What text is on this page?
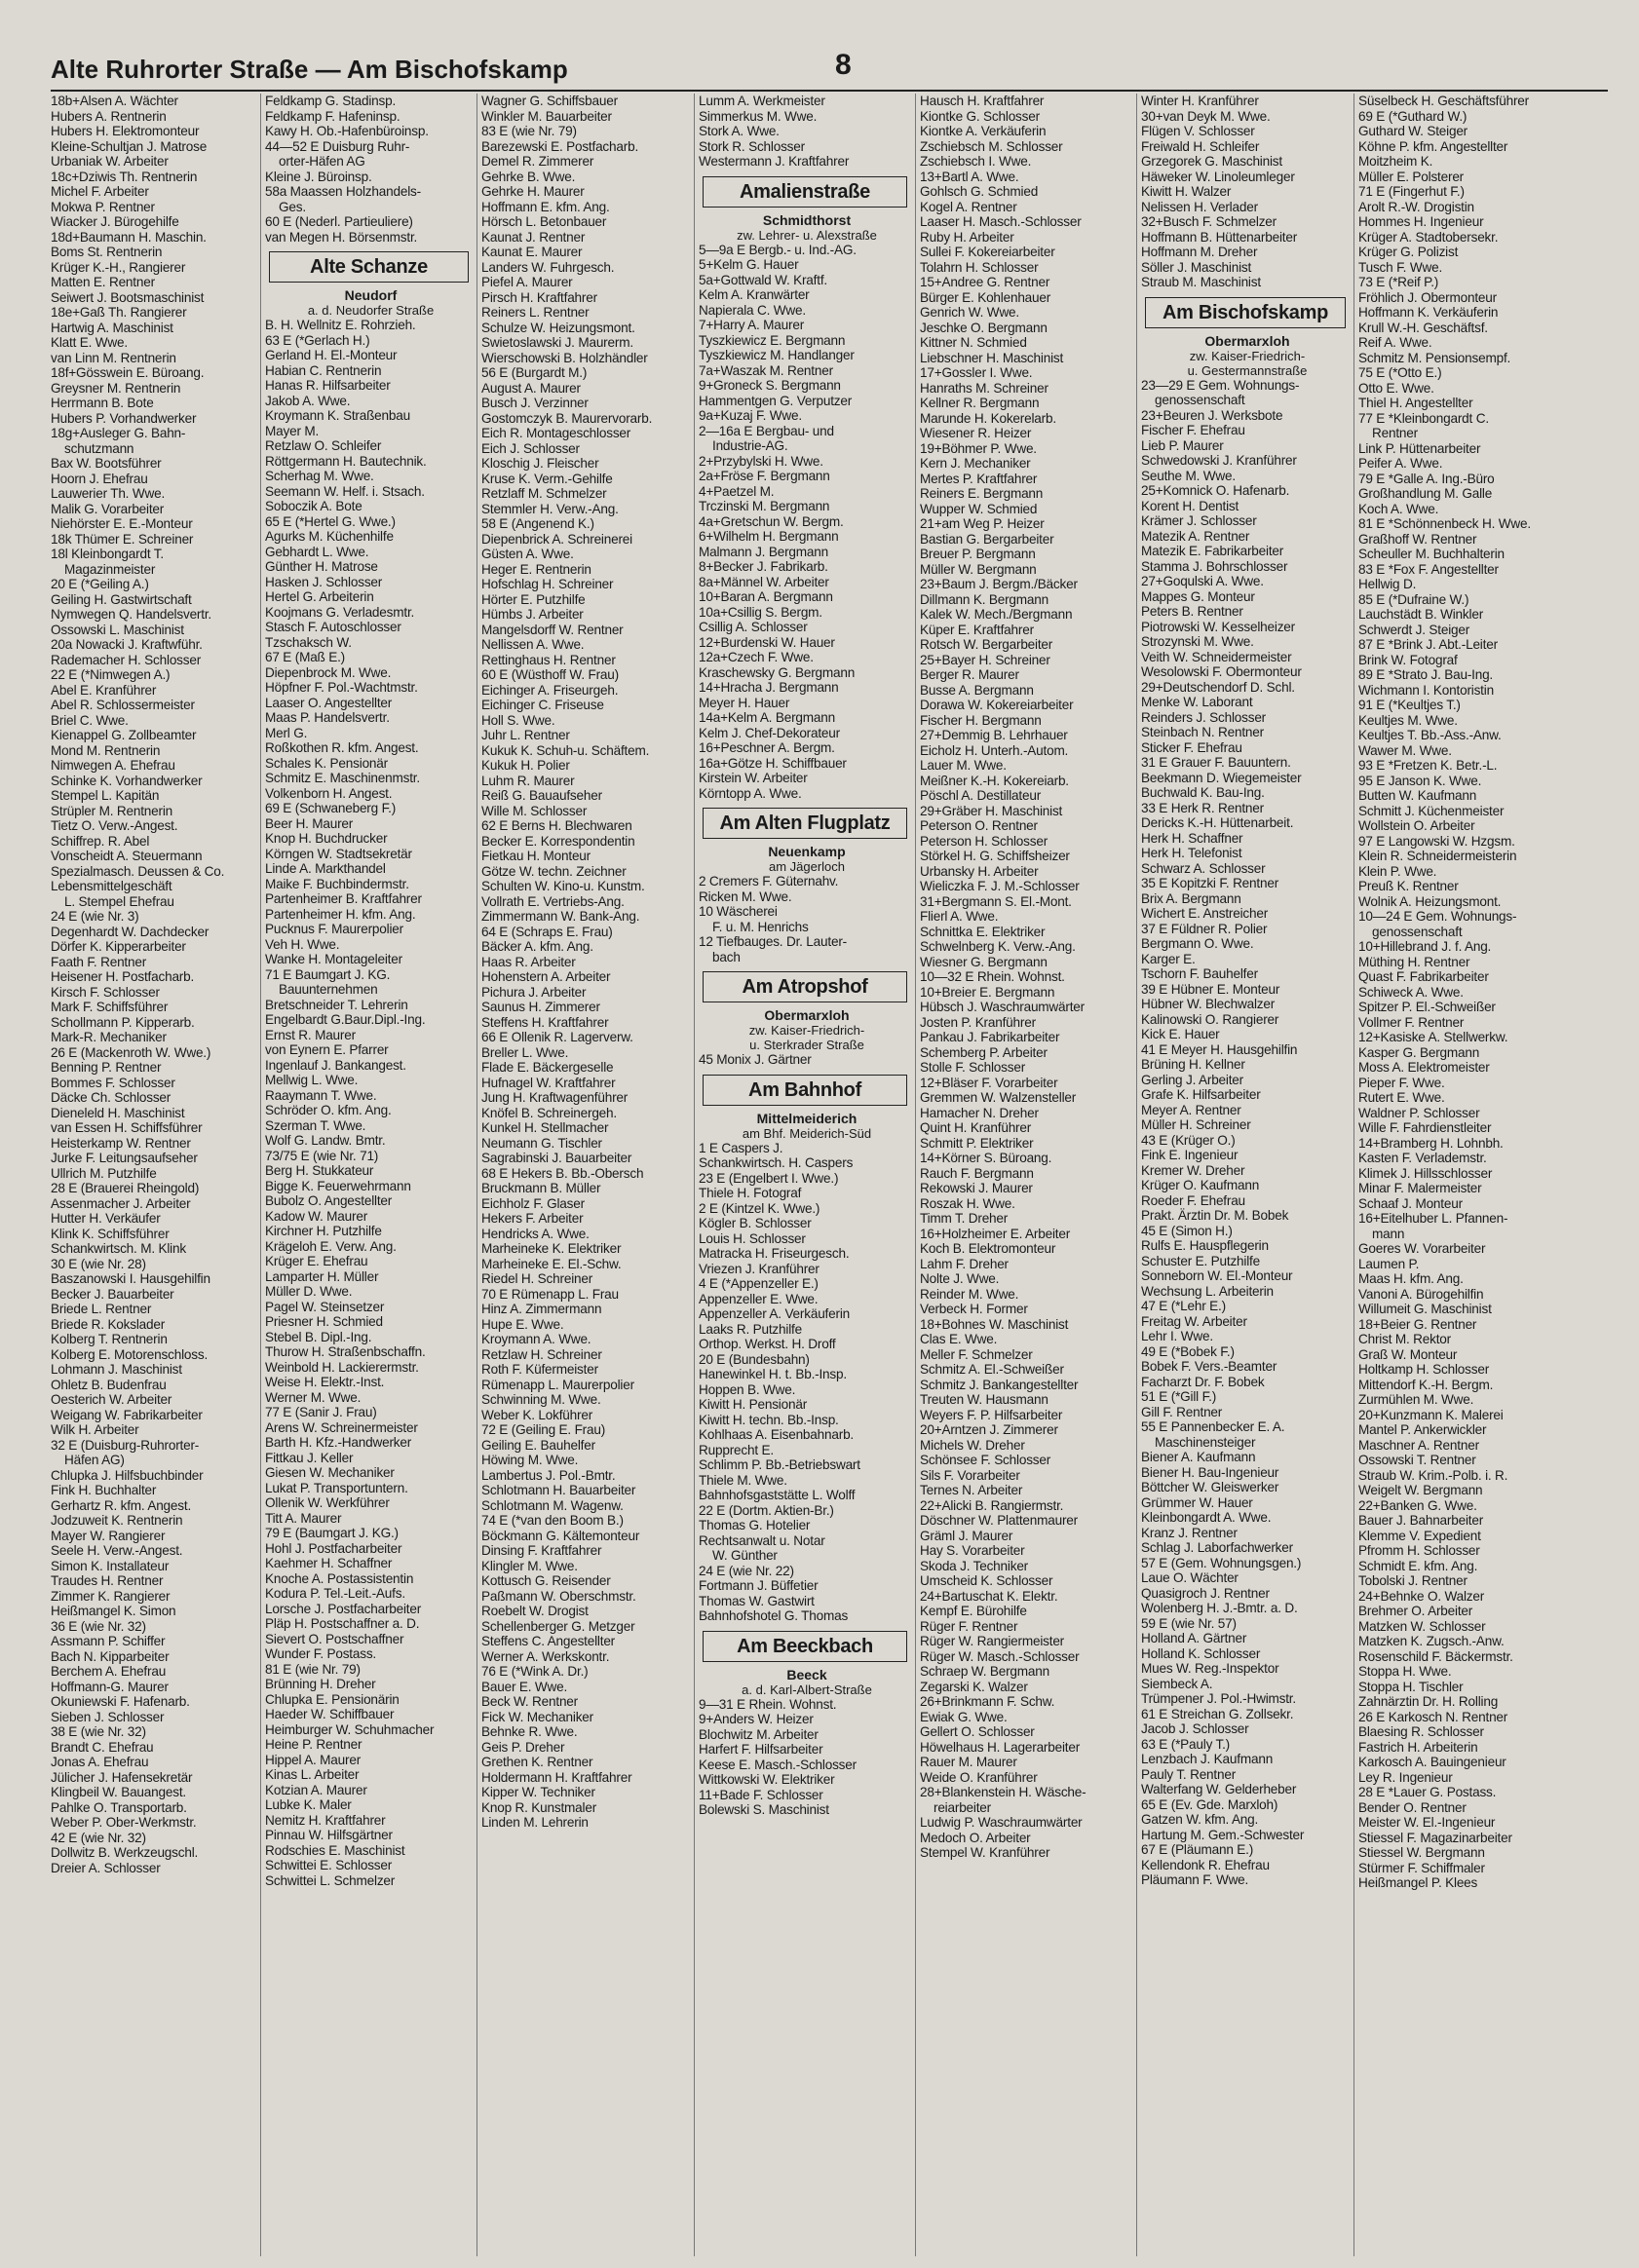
Alte Ruhrorter Straße — Am Bischofskamp	8
18b+Alsen A. Wächter
Hubers A. Rentnerin
Hubers H. Elektromonteur
Kleine-Schultjan J. Matrose
Urbaniak W. Arbeiter
18c+Dziwis Th. Rentnerin
Michel F. Arbeiter
Mokwa P. Rentner
Wiacker J. Bürogehilfe
18d+Baumann H. Maschin.
Boms St. Rentnerin
Krüger K.-H., Rangierer
Matten E. Rentner
Seiwert J. Bootsmaschinist
18e+Gaß Th. Rangierer
Hartwig A. Maschinist
Klatt E. Wwe.
van Linn M. Rentnerin
18f+Gösswein E. Büroang.
Greysner M. Rentnerin
Herrmann B. Bote
Hubers P. Vorhandwerker
18g+Ausleger G. Bahn-
schutzmann
Bax W. Bootsführer
Hoorn J. Ehefrau
Lauwerier Th. Wwe.
Malik G. Vorarbeiter
Niehörster E. E.-Monteur
18k Thümer E. Schreiner
18l Kleinbongardt T.
Magazinmeister
20 E (*Geiling A.)
Geiling H. Gastwirtschaft
Nymwegen Q. Handelsvertr.
Ossowski L. Maschinist
20a Nowacki J. Kraftwführ.
Rademacher H. Schlosser
22 E (*Nimwegen A.)
Abel E. Kranführer
Abel R. Schlossermeister
Briel C. Wwe.
Kienappel G. Zollbeamter
Mond M. Rentnerin
Nimwegen A. Ehefrau
Schinke K. Vorhandwerker
Stempel L. Kapitän
Strüpler M. Rentnerin
Tietz O. Verw.-Angest.
Schiffrep. R. Abel
Vonscheidt A. Steuermann
Spezialmasch. Deussen & Co.
Lebensmittelgeschäft
L. Stempel Ehefrau
24 E (wie Nr. 3)
Degenhardt W. Dachdecker
Dörfer K. Kipperarbeiter
Faath F. Rentner
Heisener H. Postfacharb.
Kirsch F. Schlosser
Mark F. Schiffsführer
Schollmann P. Kipperarb.
Mark-R. Mechaniker
26 E (Mackenroth W. Wwe.)
Benning P. Rentner
Bommes F. Schlosser
Däcke Ch. Schlosser
Dieneleld H. Maschinist
van Essen H. Schiffsführer
Heisterkamp W. Rentner
Jurke F. Leitungsaufseher
Ullrich M. Putzhilfe
28 E (Brauerei Rheingold)
Assenmacher J. Arbeiter
Hutter H. Verkäufer
Klink K. Schiffsführer
Schankwirtsch. M. Klink
30 E (wie Nr. 28)
Baszanowski I. Hausgehilfin
Becker J. Bauarbeiter
Briede L. Rentner
Briede R. Kokslader
Kolberg T. Rentnerin
Kolberg E. Motorenschloss.
Lohmann J. Maschinist
Ohletz B. Budenfrau
Oesterich W. Arbeiter
Weigang W. Fabrikarbeiter
Wilk H. Arbeiter
32 E (Duisburg-Ruhrorter-
Häfen AG)
Chlupka J. Hilfsbuchbinder
Fink H. Buchhalter
Gerhartz R. kfm. Angest.
Jodzuweit K. Rentnerin
Mayer W. Rangierer
Seele H. Verw.-Angest.
Simon K. Installateur
Traudes H. Rentner
Zimmer K. Rangierer
Heißmangel K. Simon
36 E (wie Nr. 32)
Assmann P. Schiffer
Bach N. Kipparbeiter
Berchem A. Ehefrau
Hoffmann-G. Maurer
Okuniewski F. Hafenarb.
Sieben J. Schlosser
38 E (wie Nr. 32)
Brandt C. Ehefrau
Jonas A. Ehefrau
Jülicher J. Hafensekretär
Klingbeil W. Bauangest.
Pahlke O. Transportarb.
Weber P. Ober-Werkmstr.
42 E (wie Nr. 32)
Dollwitz B. Werkzeugschl.
Dreier A. Schlosser
Feldkamp G. Stadinsp.
Feldkamp F. Hafeninsp.
Kawy H. Ob.-Hafenbüroinsp.
44—52 E Duisburg Ruhr-
orter-Häfen AG
Kleine J. Büroinsp.
58a Maassen Holzhandels-
Ges.
60 E (Nederl. Partieuliere)
van Megen H. Börsenmstr.
Alte Schanze
Neudorf
a. d. Neudorfer Straße
B. H. Wellnitz E. Rohrzieh.
63 E (*Gerlach H.)
Gerland H. El.-Monteur
Habian C. Rentnerin
Hanas R. Hilfsarbeiter
Jakob A. Wwe.
Kroymann K. Straßenbau
Mayer M.
Retzlaw O. Schleifer
Röttgermann H. Bautechnik.
Scherhag M. Wwe.
Seemann W. Helf. i. Stsach.
Soboczik A. Bote
65 E (*Hertel G. Wwe.)
Agurks M. Küchenhilfe
Gebhardt L. Wwe.
Günther H. Matrose
Hasken J. Schlosser
Hertel G. Arbeiterin
Koojmans G. Verladesmtr.
Stasch F. Autoschlosser
Tzschaksch W.
67 E (Maß E.)
Diepenbrock M. Wwe.
Höpfner F. Pol.-Wachtmstr.
Laaser O. Angestellter
Maas P. Handelsvertr.
Merl G.
Roßkothen R. kfm. Angest.
Schales K. Pensionär
Schmitz E. Maschinenmstr.
Volkenborn H. Angest.
69 E (Schwaneberg F.)
Beer H. Maurer
Knop H. Buchdrucker
Körngen W. Stadtsekretär
Linde A. Markthandel
Maike F. Buchbindermstr.
Partenheimer B. Kraftfahrer
Partenheimer H. kfm. Ang.
Pucknus F. Maurerpolier
Veh H. Wwe.
Wanke H. Montageleiter
71 E Baumgart J. KG.
Bauunternehmen
Bretschneider T. Lehrerin
Engelbardt G.Baur.Dipl.-Ing.
Ernst R. Maurer
von Eynern E. Pfarrer
Ingenlauf J. Bankangest.
Mellwig L. Wwe.
Raaymann T. Wwe.
Schröder O. kfm. Ang.
Szerman T. Wwe.
Wolf G. Landw. Bmtr.
73/75 E (wie Nr. 71)
Berg H. Stukkateur
Bigge K. Feuerwehrmann
Bubolz O. Angestellter
Kadow W. Maurer
Kirchner H. Putzhilfe
Krägeloh E. Verw. Ang.
Krüger E. Ehefrau
Lamparter H. Müller
Müller D. Wwe.
Pagel W. Steinsetzer
Priesner H. Schmied
Stebel B. Dipl.-Ing.
Thurow H. Straßenbschaffn.
Weinbold H. Lackierermstr.
Weise H. Elektr.-Inst.
Werner M. Wwe.
77 E (Sanir J. Frau)
Arens W. Schreinermeister
Barth H. Kfz.-Handwerker
Fittkau J. Keller
Giesen W. Mechaniker
Lukat P. Transportuntern.
Ollenik W. Werkführer
Titt A. Maurer
79 E (Baumgart J. KG.)
Hohl J. Postfacharbeiter
Kaehmer H. Schaffner
Knoche A. Postassistentin
Kodura P. Tel.-Leit.-Aufs.
Lorsche J. Postfacharbeiter
Pläp H. Postschaffner a. D.
Sievert O. Postschaffner
Wunder F. Postass.
81 E (wie Nr. 79)
Brünning H. Dreher
Chlupka E. Pensionärin
Haeder W. Schiffbauer
Heimburger W. Schuhmacher
Heine P. Rentner
Hippel A. Maurer
Kinas L. Arbeiter
Kotzian A. Maurer
Lubke K. Maler
Nemitz H. Kraftfahrer
Pinnau W. Hilfsgärtner
Rodschies E. Maschinist
Schwittei E. Schlosser
Schwittei L. Schmelzer
Wagner G. Schiffsbauer
Winkler M. Bauarbeiter
83 E (wie Nr. 79)
Barezewski E. Postfacharb.
Demel R. Zimmerer
Gehrke B. Wwe.
Gehrke H. Maurer
Hoffmann E. kfm. Ang.
Hörsch L. Betonbauer
Kaunat J. Rentner
Kaunat E. Maurer
Landers W. Fuhrgesch.
Piefel A. Maurer
Pirsch H. Kraftfahrer
Reiners L. Rentner
Schulze W. Heizungsmont.
Swietoslawski J. Maurerm.
Wierschowski B. Holzhändler
56 E (Burgardt M.)
August A. Maurer
Busch J. Verzinner
Gostomczyk B. Maurervorarb.
Eich R. Montageschlosser
Eich J. Schlosser
Kloschig J. Fleischer
Kruse K. Verm.-Gehilfe
Retzlaff M. Schmelzer
Stemmler H. Verw.-Ang.
58 E (Angenend K.)
Diepenbrick A. Schreinerei
Güsten A. Wwe.
Heger E. Rentnerin
Hofschlag H. Schreiner
Hörter E. Putzhilfe
Hümbs J. Arbeiter
Mangelsdorff W. Rentner
Nellissen A. Wwe.
Rettinghaus H. Rentner
60 E (Wüsthoff W. Frau)
Eichinger A. Friseurgeh.
Eichinger C. Friseuse
Holl S. Wwe.
Juhr L. Rentner
Kukuk K. Schuh-u. Schäftem.
Kukuk H. Polier
Luhm R. Maurer
Reiß G. Bauaufseher
Wille M. Schlosser
62 E Berns H. Blechwaren
Becker E. Korrespondentin
Fietkau H. Monteur
Götze W. techn. Zeichner
Schulten W. Kino-u. Kunstm.
Vollrath E. Vertriebs-Ang.
Zimmermann W. Bank-Ang.
64 E (Schraps E. Frau)
Bäcker A. kfm. Ang.
Haas R. Arbeiter
Hohenstern A. Arbeiter
Pichura J. Arbeiter
Saunus H. Zimmerer
Steffens H. Kraftfahrer
66 E Ollenik R. Lagerverw.
Breller L. Wwe.
Flade E. Bäckergeselle
Hufnagel W. Kraftfahrer
Jung H. Kraftwagenführer
Knöfel B. Schreinergeh.
Kunkel H. Stellmacher
Neumann G. Tischler
Sagrabinski J. Bauarbeiter
68 E Hekers B. Bb.-Obersch
Bruckmann B. Müller
Eichholz F. Glaser
Hekers F. Arbeiter
Hendricks A. Wwe.
Marheineke K. Elektriker
Marheineke E. El.-Schw.
Riedel H. Schreiner
70 E Rümenapp L. Frau
Hinz A. Zimmermann
Hupe E. Wwe.
Kroymann A. Wwe.
Retzlaw H. Schreiner
Roth F. Küfermeister
Rümenapp L. Maurerpolier
Schwinning M. Wwe.
Weber K. Lokführer
72 E (Geiling E. Frau)
Geiling E. Bauhelfer
Höwing M. Wwe.
Lambertus J. Pol.-Bmtr.
Schlotmann H. Bauarbeiter
Schlotmann M. Wagenw.
74 E (*van den Boom B.)
Böckmann G. Kältemonteur
Dinsing F. Kraftfahrer
Klingler M. Wwe.
Kottusch G. Reisender
Paßmann W. Oberschmstr.
Roebelt W. Drogist
Schellenberger G. Metzger
Steffens C. Angestellter
Werner A. Werkskontr.
76 E (*Wink A. Dr.)
Bauer E. Wwe.
Beck W. Rentner
Fick W. Mechaniker
Behnke R. Wwe.
Geis P. Dreher
Grethen K. Rentner
Holdermann H. Kraftfahrer
Kipper W. Techniker
Knop R. Kunstmaler
Linden M. Lehrerin
Lumm A. Werkmeister
Simmerkus M. Wwe.
Stork A. Wwe.
Stork R. Schlosser
Westermann J. Kraftfahrer
Amalienstraße
Schmidthorst
zw. Lehrer- u. Alexstraße
5—9a E Bergb.- u. Ind.-AG.
5+Kelm G. Hauer
5a+Gottwald W. Kraftf.
Kelm A. Kranwärter
Napierala C. Wwe.
7+Harry A. Maurer
Tyszkiewicz E. Bergmann
Tyszkiewicz M. Handlanger
7a+Waszak M. Rentner
9+Groneck S. Bergmann
Hammentgen G. Verputzer
9a+Kuzaj F. Wwe.
2—16a E Bergbau- und
Industrie-AG.
2+Przybylski H. Wwe.
2a+Fröse F. Bergmann
4+Paetzel M.
Trczinski M. Bergmann
4a+Gretschun W. Bergm.
6+Wilhelm H. Bergmann
Malmann J. Bergmann
8+Becker J. Fabrikarb.
8a+Männel W. Arbeiter
10+Baran A. Bergmann
10a+Csillig S. Bergm.
Csillig A. Schlosser
12+Burdenski W. Hauer
12a+Czech F. Wwe.
Kraschewsky G. Bergmann
14+Hracha J. Bergmann
Meyer H. Hauer
14a+Kelm A. Bergmann
Kelm J. Chef-Dekorateur
16+Peschner A. Bergm.
16a+Götze H. Schiffbauer
Kirstein W. Arbeiter
Körntopp A. Wwe.
Am Alten Flugplatz
Neuenkamp
am Jägerloch
2 Cremers F. Güternahv.
Ricken M. Wwe.
10 Wäscherei
F. u. M. Henrichs
12 Tiefbauges. Dr. Lauter-
bach
Am Atropshof
Obermarxloh
zw. Kaiser-Friedrich-
u. Sterkrader Straße
45 Monix J. Gärtner
Am Bahnhof
Mittelmeiderich
am Bhf. Meiderich-Süd
1 E Caspers J.
Schankwirtsch. H. Caspers
23 E (Engelbert I. Wwe.)
Thiele H. Fotograf
2 E (Kintzel K. Wwe.)
Kögler B. Schlosser
Louis H. Schlosser
Matracka H. Friseurgesch.
Vriezen J. Kranführer
4 E (*Appenzeller E.)
Appenzeller E. Wwe.
Appenzeller A. Verkäuferin
Laaks R. Putzhilfe
Orthop. Werkst. H. Droff
20 E (Bundesbahn)
Hanewinkel H. t. Bb.-Insp.
Hoppen B. Wwe.
Kiwitt H. Pensionär
Kiwitt H. techn. Bb.-Insp.
Kohlhaas A. Eisenbahnarb.
Rupprecht E.
Schlimm P. Bb.-Betriebswart
Thiele M. Wwe.
Bahnhofsgaststätte L. Wolff
22 E (Dortm. Aktien-Br.)
Thomas G. Hotelier
Rechtsanwalt u. Notar
W. Günther
24 E (wie Nr. 22)
Fortmann J. Büffetier
Thomas W. Gastwirt
Bahnhofshotel G. Thomas
Am Beeckbach
Beeck
a. d. Karl-Albert-Straße
9—31 E Rhein. Wohnst.
9+Anders W. Heizer
Blochwitz M. Arbeiter
Harfert F. Hilfsarbeiter
Keese E. Masch.-Schlosser
Wittkowski W. Elektriker
11+Bade F. Schlosser
Bolewski S. Maschinist
Hausch H. Kraftfahrer
Kiontke G. Schlosser
Kiontke A. Verkäuferin
Zschiebsch M. Schlosser
Zschiebsch I. Wwe.
13+Bartl A. Wwe.
Gohlsch G. Schmied
Kogel A. Rentner
Laaser H. Masch.-Schlosser
Ruby H. Arbeiter
Sullei F. Kokereiarbeiter
Tolahrn H. Schlosser
15+Andree G. Rentner
Bürger E. Kohlenhauer
Genrich W. Wwe.
Jeschke O. Bergmann
Kittner N. Schmied
Liebschner H. Maschinist
17+Gossler I. Wwe.
Hanraths M. Schreiner
Kellner R. Bergmann
Marunde H. Kokerelarb.
Wiesener R. Heizer
19+Böhmer P. Wwe.
Kern J. Mechaniker
Mertes P. Kraftfahrer
Reiners E. Bergmann
Wupper W. Schmied
21+am Weg P. Heizer
Bastian G. Bergarbeiter
Breuer P. Bergmann
Müller W. Bergmann
23+Baum J. Bergm./Bäcker
Dillmann K. Bergmann
Kalek W. Mech./Bergmann
Küper E. Kraftfahrer
Rotsch W. Bergarbeiter
25+Bayer H. Schreiner
Berger R. Maurer
Busse A. Bergmann
Dorawa W. Kokereiarbeiter
Fischer H. Bergmann
27+Demmig B. Lehrhauer
Eicholz H. Unterh.-Autom.
Lauer M. Wwe.
Meißner K.-H. Kokereiarb.
Pöschl A. Destillateur
29+Gräber H. Maschinist
Peterson O. Rentner
Peterson H. Schlosser
Störkel H. G. Schiffsheizer
Urbansky H. Arbeiter
Wieliczka F. J. M.-Schlosser
31+Bergmann S. El.-Mont.
Flierl A. Wwe.
Schnittka E. Elektriker
Schwelnberg K. Verw.-Ang.
Wiesner G. Bergmann
10—32 E Rhein. Wohnst.
10+Breier E. Bergmann
Hübsch J. Waschraumwärter
Josten P. Kranführer
Pankau J. Fabrikarbeiter
Schemberg P. Arbeiter
Stolle F. Schlosser
12+Bläser F. Vorarbeiter
Gremmen W. Walzensteller
Hamacher N. Dreher
Quint H. Kranführer
Schmitt P. Elektriker
14+Körner S. Büroang.
Rauch F. Bergmann
Rekowski J. Maurer
Roszak H. Wwe.
Timm T. Dreher
16+Holzheimer E. Arbeiter
Koch B. Elektromonteur
Lahm F. Dreher
Nolte J. Wwe.
Reinder M. Wwe.
Verbeck H. Former
18+Bohnes W. Maschinist
Clas E. Wwe.
Meller F. Schmelzer
Schmitz A. El.-Schweißer
Schmitz J. Bankangestellter
Treuten W. Hausmann
Weyers F. P. Hilfsarbeiter
20+Arntzen J. Zimmerer
Michels W. Dreher
Schönsee F. Schlosser
Sils F. Vorarbeiter
Ternes N. Arbeiter
22+Alicki B. Rangiermstr.
Döschner W. Plattenmaurer
Gräml J. Maurer
Hay S. Vorarbeiter
Skoda J. Techniker
Umscheid K. Schlosser
24+Bartuschat K. Elektr.
Kempf E. Bürohilfe
Rüger F. Rentner
Rüger W. Rangiermeister
Rüger W. Masch.-Schlosser
Schraep W. Bergmann
Zegarski K. Walzer
26+Brinkmann F. Schw.
Ewiak G. Wwe.
Gellert O. Schlosser
Höwelhaus H. Lagerarbeiter
Rauer M. Maurer
Weide O. Kranführer
28+Blankenstein H. Wäsche-
reiarbeiter
Ludwig P. Waschraumwärter
Medoch O. Arbeiter
Stempel W. Kranführer
Winter H. Kranführer
30+van Deyk M. Wwe.
Flügen V. Schlosser
Freiwald H. Schleifer
Grzegorek G. Maschinist
Häweker W. Linoleumleger
Kiwitt H. Walzer
Nelissen H. Verlader
32+Busch F. Schmelzer
Hoffmann B. Hüttenarbeiter
Hoffmann M. Dreher
Söller J. Maschinist
Straub M. Maschinist
Am Bischofskamp
Obermarxloh
zw. Kaiser-Friedrich-
u. Gestermannstraße
23—29 E Gem. Wohnungs-
genossenschaft
23+Beuren J. Werksbote
Fischer F. Ehefrau
Lieb P. Maurer
Schwedowski J. Kranführer
Seuthe M. Wwe.
25+Komnick O. Hafenarb.
Korent H. Dentist
Krämer J. Schlosser
Matezik A. Rentner
Matezik E. Fabrikarbeiter
Stamma J. Bohrschlosser
27+Goqulski A. Wwe.
Mappes G. Monteur
Peters B. Rentner
Piotrowski W. Kesselheizer
Strozynski M. Wwe.
Veith W. Schneidermeister
Wesolowski F. Obermonteur
29+Deutschendorf D. Schl.
Menke W. Laborant
Reinders J. Schlosser
Steinbach N. Rentner
Sticker F. Ehefrau
31 E Grauer F. Bauuntern.
Beekmann D. Wiegemeister
Buchwald K. Bau-Ing.
33 E Herk R. Rentner
Dericks K.-H. Hüttenarbeit.
Herk H. Schaffner
Herk H. Telefonist
Schwarz A. Schlosser
35 E Kopitzki F. Rentner
Brix A. Bergmann
Wichert E. Anstreicher
37 E Füldner R. Polier
Bergmann O. Wwe.
Karger E.
Tschorn F. Bauhelfer
39 E Hübner E. Monteur
Hübner W. Blechwalzer
Kalinowski O. Rangierer
Kick E. Hauer
41 E Meyer H. Hausgehilfin
Brüning H. Kellner
Gerling J. Arbeiter
Grafe K. Hilfsarbeiter
Meyer A. Rentner
Müller H. Schreiner
43 E (Krüger O.)
Fink E. Ingenieur
Kremer W. Dreher
Krüger O. Kaufmann
Roeder F. Ehefrau
Prakt. Ärztin Dr. M. Bobek
45 E (Simon H.)
Rulfs E. Hauspflegerin
Schuster E. Putzhilfe
Sonneborn W. El.-Monteur
Wechsung L. Arbeiterin
47 E (*Lehr E.)
Freitag W. Arbeiter
Lehr I. Wwe.
49 E (*Bobek F.)
Bobek F. Vers.-Beamter
Facharzt Dr. F. Bobek
51 E (*Gill F.)
Gill F. Rentner
55 E Pannenbecker E. A.
Maschinensteiger
Biener A. Kaufmann
Biener H. Bau-Ingenieur
Böttcher W. Gleiswerker
Grümmer W. Hauer
Kleinbongardt A. Wwe.
Kranz J. Rentner
Schlag J. Laborfachwerker
57 E (Gem. Wohnungsgen.)
Laue O. Wächter
Quasigroch J. Rentner
Wolenberg H. J.-Bmtr. a. D.
59 E (wie Nr. 57)
Holland A. Gärtner
Holland K. Schlosser
Mues W. Reg.-Inspektor
Siembeck A.
Trümpener J. Pol.-Hwimstr.
61 E Streichan G. Zollsekr.
Jacob J. Schlosser
63 E (*Pauly T.)
Lenzbach J. Kaufmann
Pauly T. Rentner
Walterfang W. Gelderheber
65 E (Ev. Gde. Marxloh)
Gatzen W. kfm. Ang.
Hartung M. Gem.-Schwester
67 E (Pläumann E.)
Kellendonk R. Ehefrau
Pläumann F. Wwe.
Süselbeck H. Geschäftsführer
69 E (*Guthard W.)
Guthard W. Steiger
Köhne P. kfm. Angestellter
Moitzheim K.
Müller E. Polsterer
71 E (Fingerhut F.)
Arolt R.-W. Drogistin
Hommes H. Ingenieur
Krüger A. Stadtobersekr.
Krüger G. Polizist
Tusch F. Wwe.
73 E (*Reif P.)
Fröhlich J. Obermonteur
Hoffmann K. Verkäuferin
Krull W.-H. Geschäftsf.
Reif A. Wwe.
Schmitz M. Pensionsempf.
75 E (*Otto E.)
Otto E. Wwe.
Thiel H. Angestellter
77 E *Kleinbongardt C.
Rentner
Link P. Hüttenarbeiter
Peifer A. Wwe.
79 E *Galle A. Ing.-Büro
Großhandlung M. Galle
Koch A. Wwe.
81 E *Schönnenbeck H. Wwe.
Graßhoff W. Rentner
Scheuller M. Buchhalterin
83 E *Fox F. Angestellter
Hellwig D.
85 E (*Dufraine W.)
Lauchstädt B. Winkler
Schwerdt J. Steiger
87 E *Brink J. Abt.-Leiter
Brink W. Fotograf
89 E *Strato J. Bau-Ing.
Wichmann I. Kontoristin
91 E (*Keultjes T.)
Keultjes M. Wwe.
Keultjes T. Bb.-Ass.-Anw.
Wawer M. Wwe.
93 E *Fretzen K. Betr.-L.
95 E Janson K. Wwe.
Butten W. Kaufmann
Schmitt J. Küchenmeister
Wollstein O. Arbeiter
97 E Langowski W. Hzgsm.
Klein R. Schneidermeisterin
Klein P. Wwe.
Preuß K. Rentner
Wolnik A. Heizungsmont.
10—24 E Gem. Wohnungs-
genossenschaft
10+Hillebrand J. f. Ang.
Müthing H. Rentner
Quast F. Fabrikarbeiter
Schiweck A. Wwe.
Spitzer P. El.-Schweißer
Vollmer F. Rentner
12+Kasiske A. Stellwerkw.
Kasper G. Bergmann
Moss A. Elektromeister
Pieper F. Wwe.
Rutert E. Wwe.
Waldner P. Schlosser
Wille F. Fahrdienstleiter
14+Bramberg H. Lohnbh.
Kasten F. Verlademstr.
Klimek J. Hillsschlosser
Minar F. Malermeister
Schaaf J. Monteur
16+Eitelhuber L. Pfannen-
mann
Goeres W. Vorarbeiter
Laumen P.
Maas H. kfm. Ang.
Vanoni A. Bürogehilfin
Willumeit G. Maschinist
18+Beier G. Rentner
Christ M. Rektor
Graß W. Monteur
Holtkamp H. Schlosser
Mittendorf K.-H. Bergm.
Zurmühlen M. Wwe.
20+Kunzmann K. Malerei
Mantel P. Ankerwickler
Maschner A. Rentner
Ossowski T. Rentner
Straub W. Krim.-Polb. i. R.
Weigelt W. Bergmann
22+Banken G. Wwe.
Bauer J. Bahnarbeiter
Klemme V. Expedient
Pfromm H. Schlosser
Schmidt E. kfm. Ang.
Tobolski J. Rentner
24+Behnke O. Walzer
Brehmer O. Arbeiter
Matzken W. Schlosser
Matzken K. Zugsch.-Anw.
Rosenschild F. Bäckermstr.
Stoppa H. Wwe.
Stoppa H. Tischler
Zahnärztin Dr. H. Rolling
26 E Karkosch N. Rentner
Blaesing R. Schlosser
Fastrich H. Arbeiterin
Karkosch A. Bauingenieur
Ley R. Ingenieur
28 E *Lauer G. Postass.
Bender O. Rentner
Meister W. El.-Ingenieur
Stiessel F. Magazinarbeiter
Stiessel W. Bergmann
Stürmer F. Schiffmaler
Heißmangel P. Klees
